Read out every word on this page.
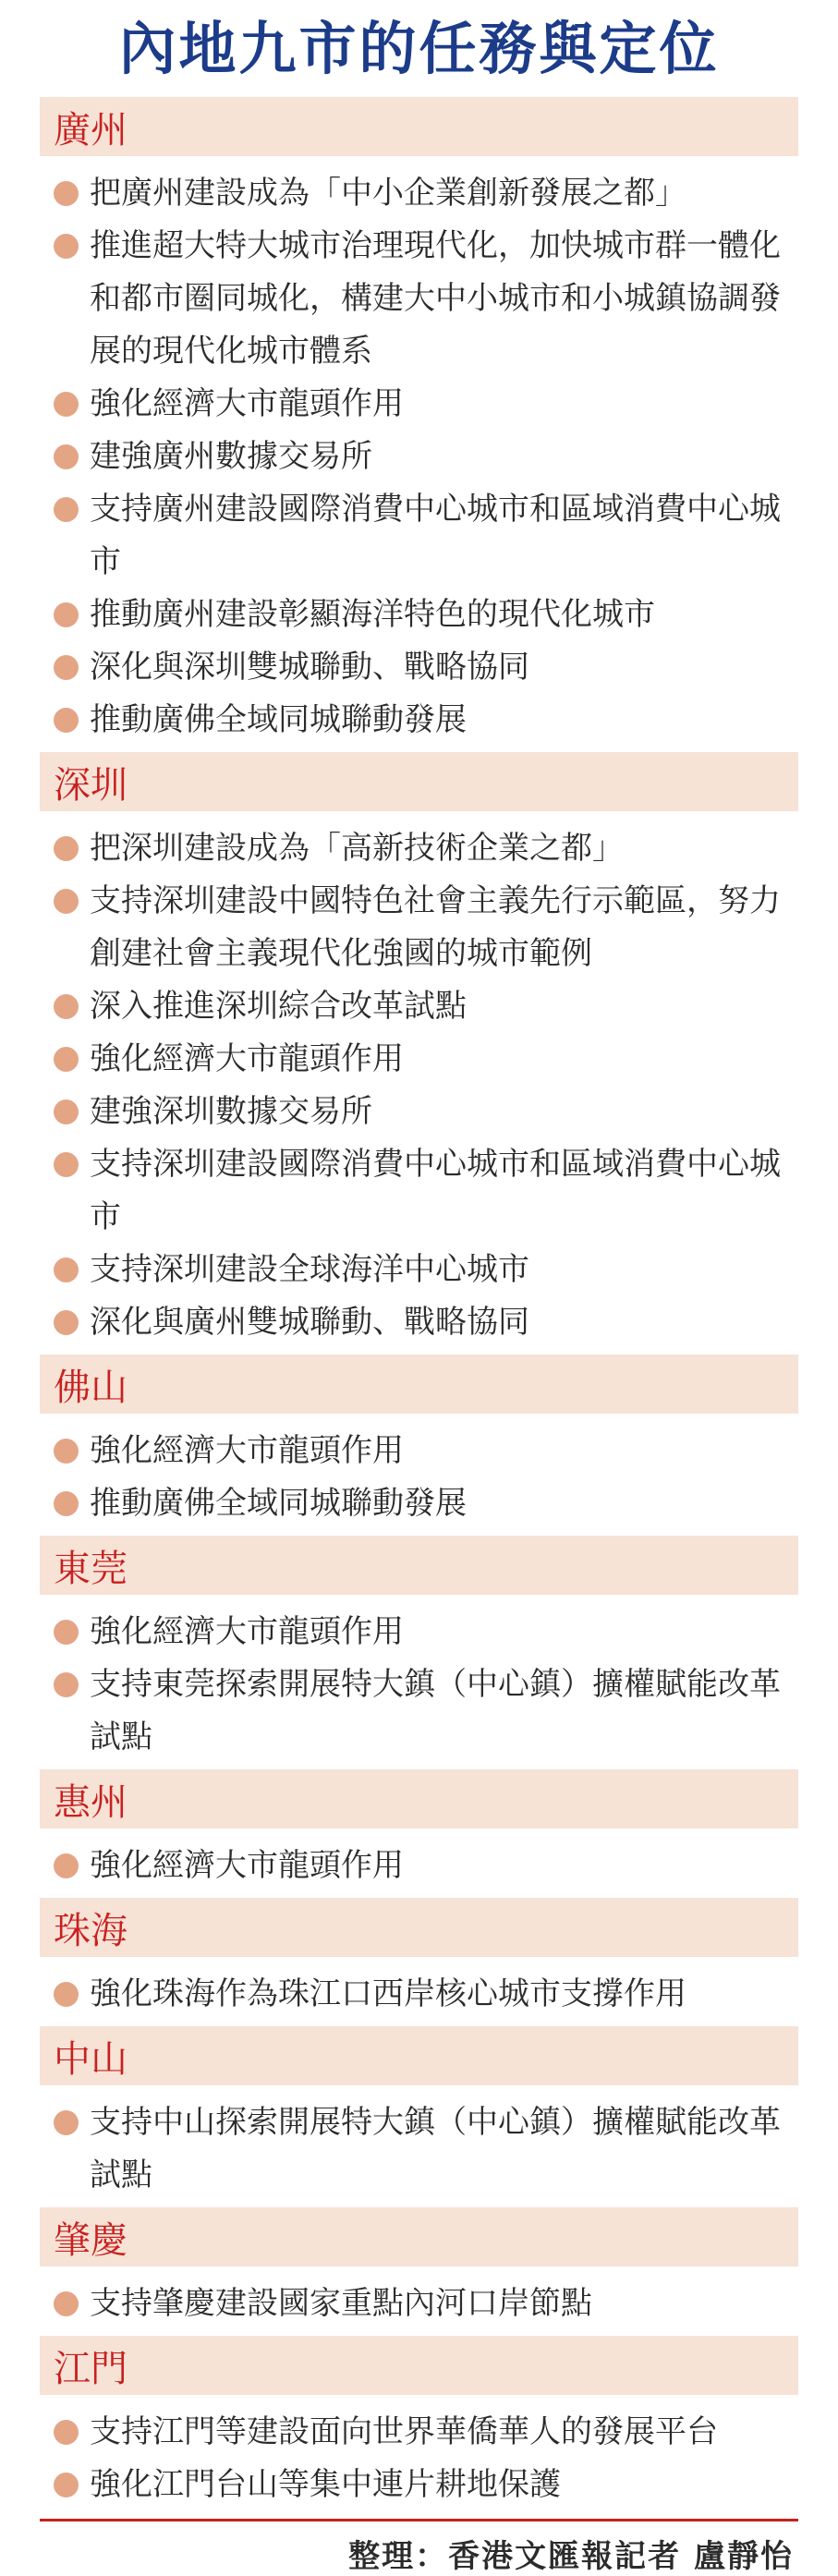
內地九市的任務與定位
廣州
把廣州建設成為「中小企業創新發展之都」
推進超大特大城市治理現代化，加快城市群一體化和都市圈同城化，構建大中小城市和小城鎮協調發展的現代化城市體系
強化經濟大市龍頭作用
建強廣州數據交易所
支持廣州建設國際消費中心城市和區域消費中心城市
推動廣州建設彰顯海洋特色的現代化城市
深化與深圳雙城聯動、戰略協同
推動廣佛全域同城聯動發展
深圳
把深圳建設成為「高新技術企業之都」
支持深圳建設中國特色社會主義先行示範區，努力創建社會主義現代化強國的城市範例
深入推進深圳綜合改革試點
強化經濟大市龍頭作用
建強深圳數據交易所
支持深圳建設國際消費中心城市和區域消費中心城市
支持深圳建設全球海洋中心城市
深化與廣州雙城聯動、戰略協同
佛山
強化經濟大市龍頭作用
推動廣佛全域同城聯動發展
東莞
強化經濟大市龍頭作用
支持東莞探索開展特大鎮（中心鎮）擴權賦能改革試點
惠州
強化經濟大市龍頭作用
珠海
強化珠海作為珠江口西岸核心城市支撐作用
中山
支持中山探索開展特大鎮（中心鎮）擴權賦能改革試點
肇慶
支持肇慶建設國家重點內河口岸節點
江門
支持江門等建設面向世界華僑華人的發展平台
強化江門台山等集中連片耕地保護
整理：香港文匯報記者 盧靜怡
